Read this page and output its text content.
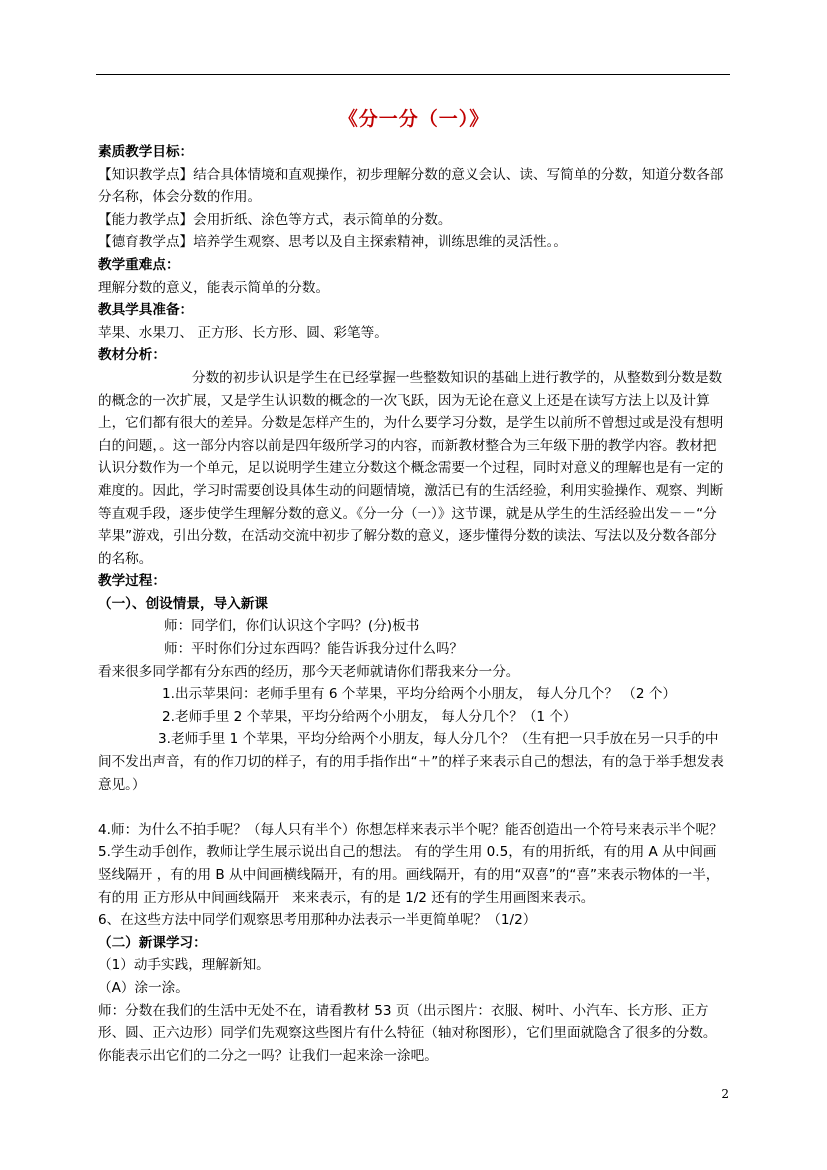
《分一分（一）》

素质教学目标：

【知识教学点】结合具体情境和直观操作，初步理解分数的意义会认、读、写简单的分数，知道分数各部分名称，体会分数的作用。

【能力教学点】会用折纸、涂色等方式，表示简单的分数。

【德育教学点】培养学生观察、思考以及自主探索精神，训练思维的灵活性。。

教学重难点：

理解分数的意义，能表示简单的分数。

教具学具准备：

苹果、水果刀、 正方形、长方形、圆、彩笔等。

教材分析：

分数的初步认识是学生在已经掌握一些整数知识的基础上进行教学的，从整数到分数是数的概念的一次扩展，又是学生认识数的概念的一次飞跃，因为无论在意义上还是在读写方法上以及计算上，它们都有很大的差异。分数是怎样产生的，为什么要学习分数，是学生以前所不曾想过或是没有想明白的问题，。这一部分内容以前是四年级所学习的内容，而新教材整合为三年级下册的教学内容。教材把认识分数作为一个单元，足以说明学生建立分数这个概念需要一个过程，同时对意义的理解也是有一定的难度的。因此，学习时需要创设具体生动的问题情境，激活已有的生活经验，利用实验操作、观察、判断等直观手段，逐步使学生理解分数的意义。《分一分（一）》这节课，就是从学生的生活经验出发－－“分苹果”游戏，引出分数，在活动交流中初步了解分数的意义，逐步懂得分数的读法、写法以及分数各部分的名称。

教学过程：

（一）、创设情景，导入新课

师：同学们，你们认识这个字吗？(分)板书

师：平时你们分过东西吗？能告诉我分过什么吗？

看来很多同学都有分东西的经历，那今天老师就请你们帮我来分一分。

1.出示苹果问：老师手里有 6 个苹果，平均分给两个小朋友， 每人分几个？ （2 个）

2.老师手里 2 个苹果，平均分给两个小朋友， 每人分几个？（1 个）

3.老师手里 1 个苹果，平均分给两个小朋友，每人分几个？（生有把一只手放在另一只手的中间不发出声音，有的作刀切的样子，有的用手指作出“＋”的样子来表示自己的想法，有的急于举手想发表意见。）

4.师：为什么不拍手呢？（每人只有半个）你想怎样来表示半个呢？能否创造出一个符号来表示半个呢？

5.学生动手创作，教师让学生展示说出自己的想法。 有的学生用 0.5，有的用折纸，有的用 A 从中间画竖线隔开 ，有的用 B 从中间画横线隔开，有的用。画线隔开，有的用“双喜”的“喜”来表示物体的一半，有的用 正方形从中间画线隔开   来来表示，有的是 1/2 还有的学生用画图来表示。

6、在这些方法中同学们观察思考用那种办法表示一半更简单呢？（1/2）

（二）新课学习：

（1）动手实践，理解新知。

（A）涂一涂。

师：分数在我们的生活中无处不在，请看教材 53 页（出示图片：衣服、树叶、小汽车、长方形、正方形、圆、正六边形）同学们先观察这些图片有什么特征（轴对称图形），它们里面就隐含了很多的分数。你能表示出它们的二分之一吗？让我们一起来涂一涂吧。

2
